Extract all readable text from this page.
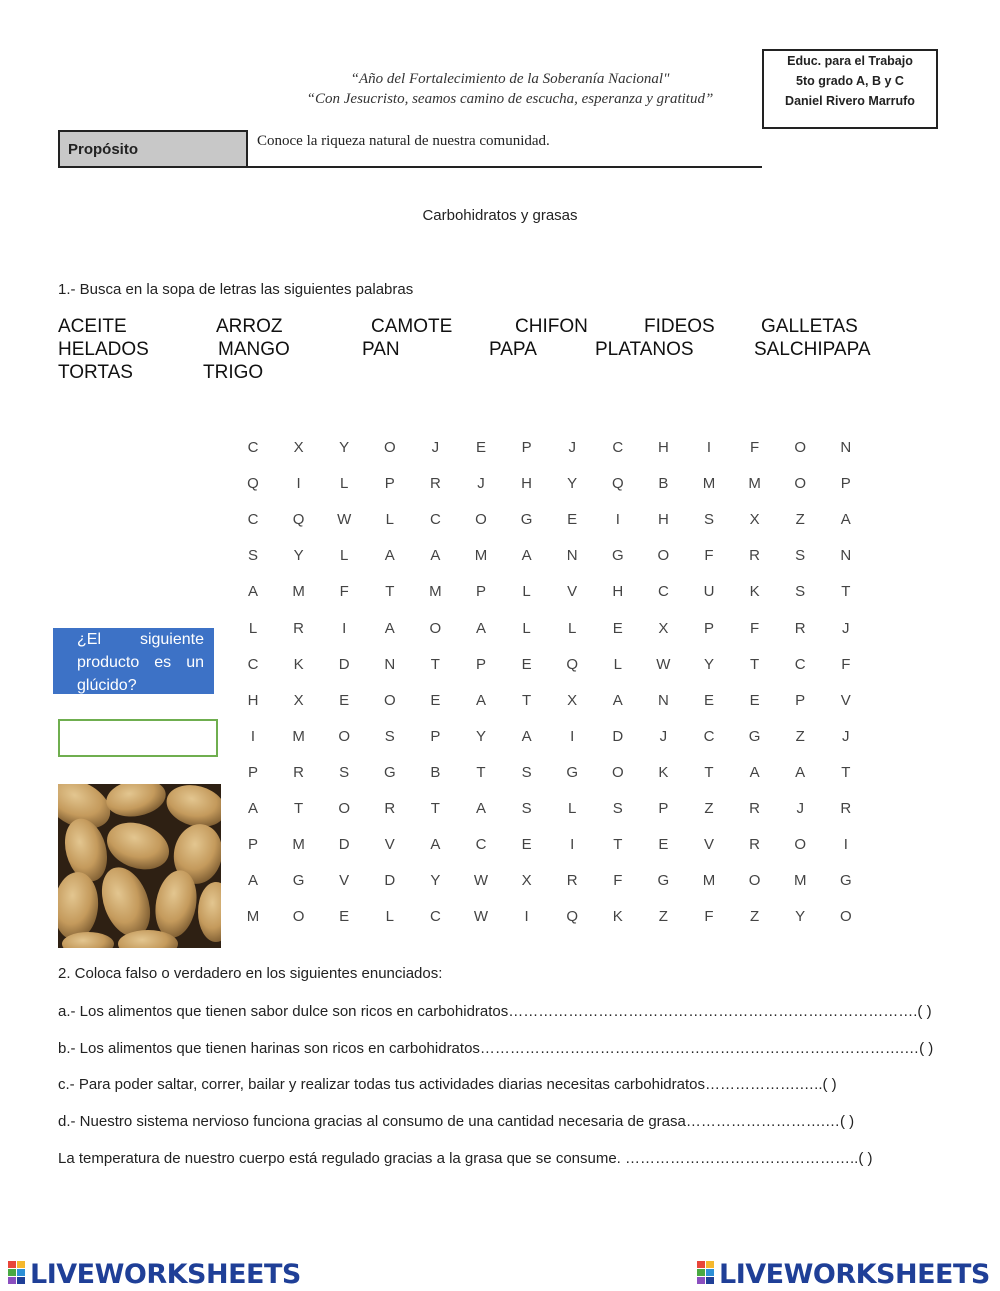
“Año del Fortalecimiento de la Soberanía Nacional"
“Con Jesucristo, seamos camino de escucha, esperanza y gratitud”
Educ. para el Trabajo
5to grado A, B y C
Daniel Rivero Marrufo
Propósito	Conoce la riqueza natural de nuestra comunidad.
Carbohidratos y grasas
1.- Busca en la sopa de letras las siguientes palabras
ACEITE	ARROZ	CAMOTE	CHIFON	FIDEOS GALLETAS
HELADOS	MANGO	PAN	PAPA	PLATANOS	SALCHIPAPA
TORTAS	TRIGO
C	X	Y	O	J	E	P	J	C	H	I	F	O	N
Q	I	L	P	R	J	H	Y	Q	B	M	M	O	P
C	Q	W	L	C	O	G	E	I	H	S	X	Z	A
S	Y	L	A	A	M	A	N	G	O	F	R	S	N
A	M	F	T	M	P	L	V	H	C	U	K	S	T
L	R	I	A	O	A	L	L	E	X	P	F	R	J
C	K	D	N	T	P	E	Q	L	W	Y	T	C	F
H	X	E	O	E	A	T	X	A	N	E	E	P	V
I	M	O	S	P	Y	A	I	D	J	C	G	Z	J
P	R	S	G	B	T	S	G	O	K	T	A	A	T
A	T	O	R	T	A	S	L	S	P	Z	R	J	R
P	M	D	V	A	C	E	I	T	E	V	R	O	I
A	G	V	D	Y	W	X	R	F	G	M	O	M	G
M	O	E	L	C	W	I	Q	K	Z	F	Z	Y	O
¿El siguiente producto es un glúcido?
2. Coloca falso o verdadero en los siguientes enunciados:
a.- Los alimentos que tienen sabor dulce son ricos en carbohidratos……………………………………………………………………….( )
b.- Los alimentos que tienen harinas son ricos en carbohidratos………………………………………………………………………….…( )
c.- Para poder saltar, correr, bailar y realizar todas tus actividades diarias necesitas carbohidratos……………….…..( )
d.- Nuestro sistema nervioso funciona gracias al consumo de una cantidad necesaria de grasa……………………….…( )
La temperatura de nuestro cuerpo está regulado gracias a la grasa que se consume. ………………………………………..( )
LIVEWORKSHEETS	LIVEWORKSHEETS
